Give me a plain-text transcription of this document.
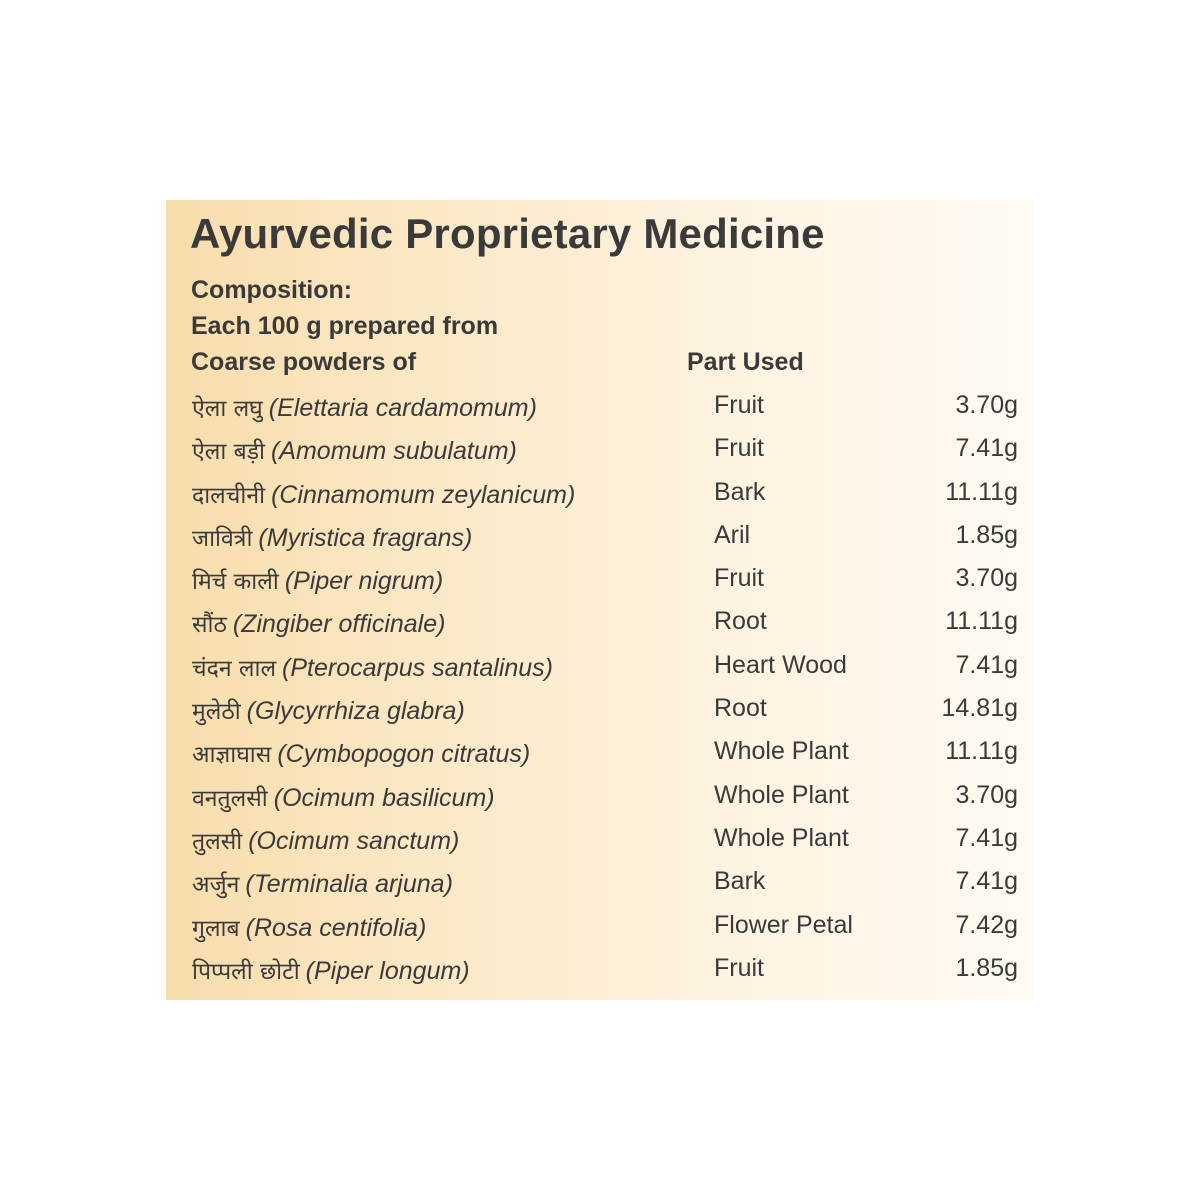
Ayurvedic Proprietary Medicine
Composition:
Each 100 g prepared from
Coarse powders of	Part Used
ऐला लघु (Elettaria cardamomum)	Fruit	3.70g
ऐला बड़ी (Amomum subulatum)	Fruit	7.41g
दालचीनी (Cinnamomum zeylanicum)	Bark	11.11g
जावित्री (Myristica fragrans)	Aril	1.85g
मिर्च काली (Piper nigrum)	Fruit	3.70g
सौंठ (Zingiber officinale)	Root	11.11g
चंदन लाल (Pterocarpus santalinus)	Heart Wood	7.41g
मुलेठी (Glycyrrhiza glabra)	Root	14.81g
आज्ञाघास (Cymbopogon citratus)	Whole Plant	11.11g
वनतुलसी (Ocimum basilicum)	Whole Plant	3.70g
तुलसी (Ocimum sanctum)	Whole Plant	7.41g
अर्जुन (Terminalia arjuna)	Bark	7.41g
गुलाब (Rosa centifolia)	Flower Petal	7.42g
पिप्पली छोटी (Piper longum)	Fruit	1.85g
